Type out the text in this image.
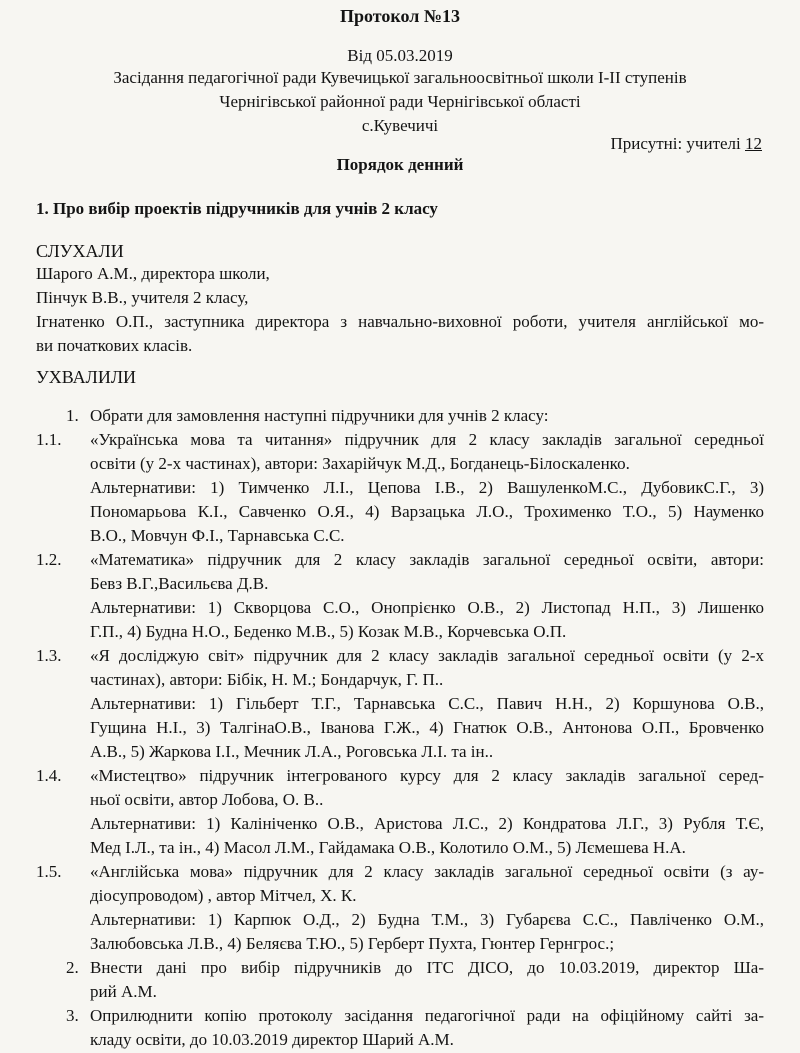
Протокол №13
Від 05.03.2019
Засідання педагогічної ради Кувечицької загальноосвітньої школи І-ІІ ступенів
Чернігівської районної ради Чернігівської області
с.Кувечичі
Присутні: учителі 12
Порядок денний
1. Про вибір проектів підручників для учнів 2 класу
СЛУХАЛИ
Шарого А.М., директора школи,
Пінчук В.В., учителя 2 класу,
Ігнатенко О.П., заступника директора з навчально-виховної роботи, учителя англійської мо-
ви початкових класів.
УХВАЛИЛИ
1. Обрати для замовлення наступні підручники для учнів 2 класу:
1.1. «Українська мова та читання» підручник для 2 класу закладів загальної середньої
освіти (у 2-х частинах), автори: Захарійчук М.Д., Богданець-Білоскаленко.
Альтернативи: 1) Тимченко Л.І., Цепова І.В., 2) ВашуленкоМ.С., ДубовикС.Г., 3)
Пономарьова К.І., Савченко О.Я., 4) Варзацька Л.О., Трохименко Т.О., 5) Науменко
В.О., Мовчун Ф.І., Тарнавська С.С.
1.2. «Математика» підручник для 2 класу закладів загальної середньої освіти, автори:
Бевз В.Г.,Васильєва Д.В.
Альтернативи: 1) Скворцова С.О., Онопрієнко О.В., 2) Листопад Н.П., 3) Лишенко
Г.П., 4) Будна Н.О., Беденко М.В., 5) Козак М.В., Корчевська О.П.
1.3. «Я досліджую світ» підручник для 2 класу закладів загальної середньої освіти (у 2-х
частинах), автори: Бібік, Н. М.; Бондарчук, Г. П..
Альтернативи: 1) Гільберт Т.Г., Тарнавська С.С., Павич Н.Н., 2) Коршунова О.В.,
Гущина Н.І., 3) ТалгінаО.В., Іванова Г.Ж., 4) Гнатюк О.В., Антонова О.П., Бровченко
А.В., 5) Жаркова І.І., Мечник Л.А., Роговська Л.І. та ін..
1.4. «Мистецтво» підручник інтегрованого курсу для 2 класу закладів загальної серед-
ньої освіти, автор Лобова, О. В..
Альтернативи: 1) Калініченко О.В., Аристова Л.С., 2) Кондратова Л.Г., 3) Рубля Т.Є,
Мед І.Л., та ін., 4) Масол Л.М., Гайдамака О.В., Колотило О.М., 5) Лємешева Н.А.
1.5. «Англійська мова» підручник для 2 класу закладів загальної середньої освіти (з ау-
діосупроводом) , автор Мітчел, Х. К.
Альтернативи: 1) Карпюк О.Д., 2) Будна Т.М., 3) Губарєва С.С., Павліченко О.М.,
Залюбовська Л.В., 4) Беляєва Т.Ю., 5) Герберт Пухта, Гюнтер Гернгрос.;
2. Внести дані про вибір підручників до ІТС ДІСО, до 10.03.2019, директор Ша-
рий А.М.
3. Оприлюднити копію протоколу засідання педагогічної ради на офіційному сайті за-
кладу освіти, до 10.03.2019 директор Шарий А.М.
